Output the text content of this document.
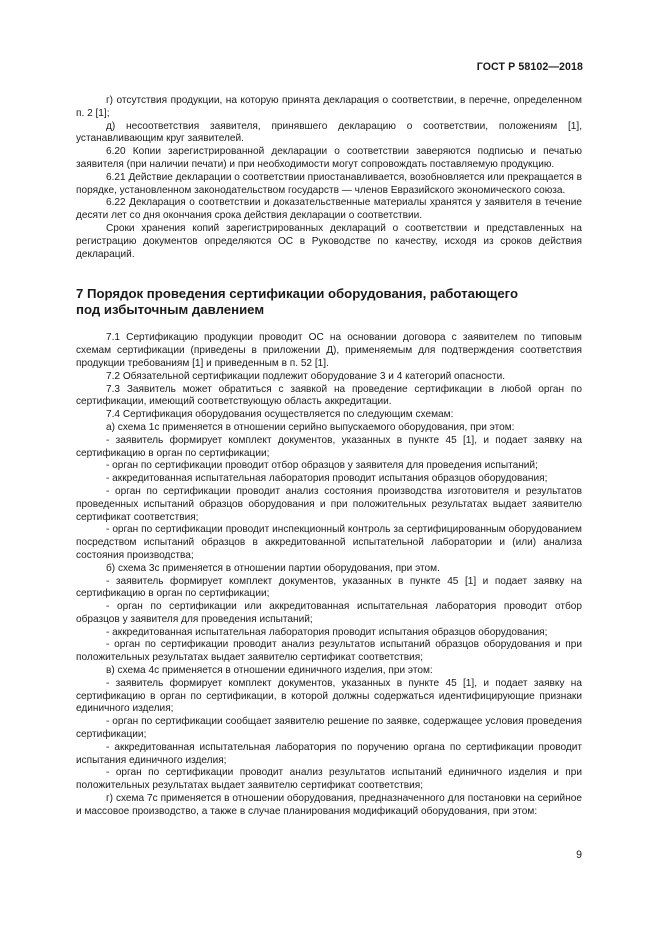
ГОСТ Р 58102—2018

г) отсутствия продукции, на которую принята декларация о соответствии, в перечне, определенном п. 2 [1];

д) несоответствия заявителя, принявшего декларацию о соответствии, положениям [1], устанавливающим круг заявителей.

6.20 Копии зарегистрированной декларации о соответствии заверяются подписью и печатью заявителя (при наличии печати) и при необходимости могут сопровождать поставляемую продукцию.

6.21 Действие декларации о соответствии приостанавливается, возобновляется или прекращается в порядке, установленном законодательством государств — членов Евразийского экономического союза.

6.22 Декларация о соответствии и доказательственные материалы хранятся у заявителя в течение десяти лет со дня окончания срока действия декларации о соответствии.

Сроки хранения копий зарегистрированных деклараций о соответствии и представленных на регистрацию документов определяются ОС в Руководстве по качеству, исходя из сроков действия деклараций.

7 Порядок проведения сертификации оборудования, работающего
под избыточным давлением

7.1 Сертификацию продукции проводит ОС на основании договора с заявителем по типовым схемам сертификации (приведены в приложении Д), применяемым для подтверждения соответствия продукции требованиям [1] и приведенным в п. 52 [1].

7.2 Обязательной сертификации подлежит оборудование 3 и 4 категорий опасности.

7.3 Заявитель может обратиться с заявкой на проведение сертификации в любой орган по сертификации, имеющий соответствующую область аккредитации.

7.4 Сертификация оборудования осуществляется по следующим схемам:

а) схема 1с применяется в отношении серийно выпускаемого оборудования, при этом:

- заявитель формирует комплект документов, указанных в пункте 45 [1], и подает заявку на сертификацию в орган по сертификации;

- орган по сертификации проводит отбор образцов у заявителя для проведения испытаний;

- аккредитованная испытательная лаборатория проводит испытания образцов оборудования;

- орган по сертификации проводит анализ состояния производства изготовителя и результатов проведенных испытаний образцов оборудования и при положительных результатах выдает заявителю сертификат соответствия;

- орган по сертификации проводит инспекционный контроль за сертифицированным оборудованием посредством испытаний образцов в аккредитованной испытательной лаборатории и (или) анализа состояния производства;

б) схема 3с применяется в отношении партии оборудования, при этом.

- заявитель формирует комплект документов, указанных в пункте 45 [1] и подает заявку на сертификацию в орган по сертификации;

- орган по сертификации или аккредитованная испытательная лаборатория проводит отбор образцов у заявителя для проведения испытаний;

- аккредитованная испытательная лаборатория проводит испытания образцов оборудования;

- орган по сертификации проводит анализ результатов испытаний образцов оборудования и при положительных результатах выдает заявителю сертификат соответствия;

в) схема 4с применяется в отношении единичного изделия, при этом:

- заявитель формирует комплект документов, указанных в пункте 45 [1], и подает заявку на сертификацию в орган по сертификации, в которой должны содержаться идентифицирующие признаки единичного изделия;

- орган по сертификации сообщает заявителю решение по заявке, содержащее условия проведения сертификации;

- аккредитованная испытательная лаборатория по поручению органа по сертификации проводит испытания единичного изделия;

- орган по сертификации проводит анализ результатов испытаний единичного изделия и при положительных результатах выдает заявителю сертификат соответствия;

г) схема 7с применяется в отношении оборудования, предназначенного для постановки на серийное и массовое производство, а также в случае планирования модификаций оборудования, при этом:

9
